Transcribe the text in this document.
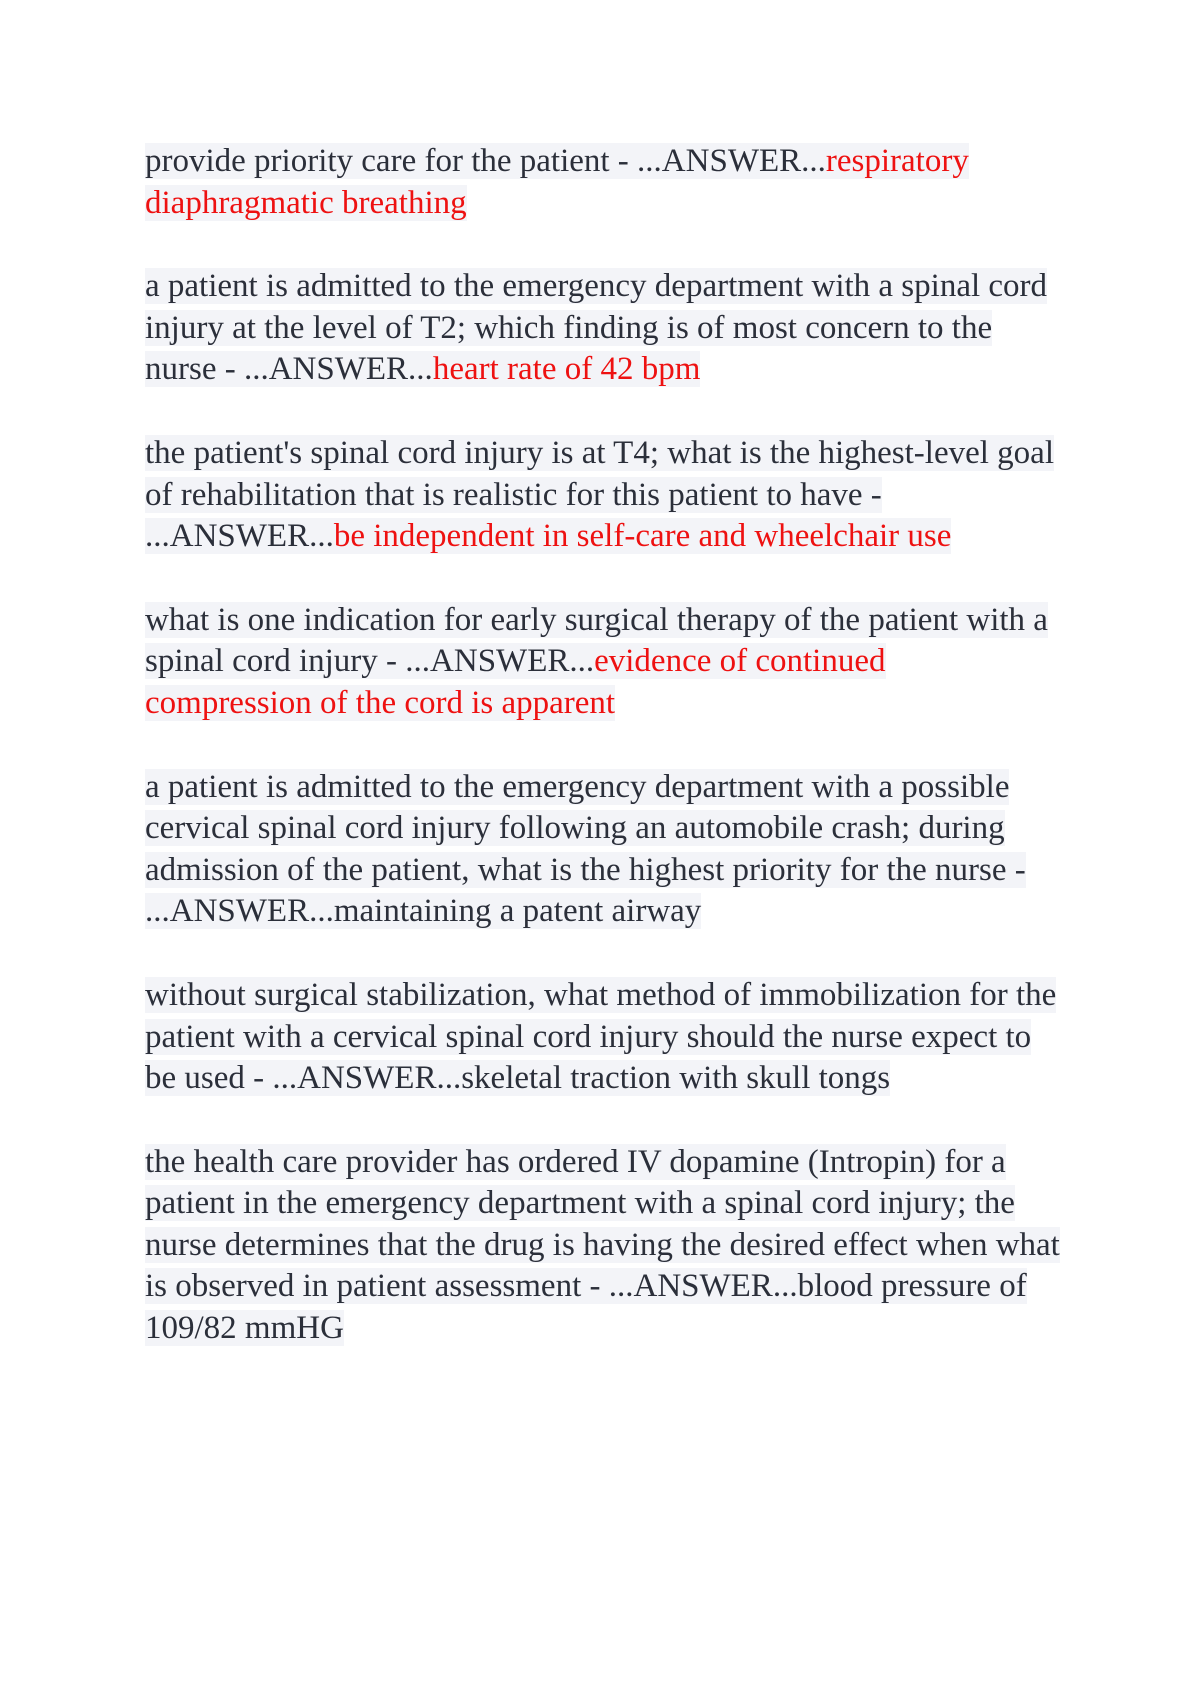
provide priority care for the patient - ...ANSWER...respiratory diaphragmatic breathing

a patient is admitted to the emergency department with a spinal cord injury at the level of T2; which finding is of most concern to the nurse - ...ANSWER...heart rate of 42 bpm

the patient's spinal cord injury is at T4; what is the highest-level goal of rehabilitation that is realistic for this patient to have - ...ANSWER...be independent in self-care and wheelchair use

what is one indication for early surgical therapy of the patient with a spinal cord injury - ...ANSWER...evidence of continued compression of the cord is apparent

a patient is admitted to the emergency department with a possible cervical spinal cord injury following an automobile crash; during admission of the patient, what is the highest priority for the nurse - ...ANSWER...maintaining a patent airway

without surgical stabilization, what method of immobilization for the patient with a cervical spinal cord injury should the nurse expect to be used - ...ANSWER...skeletal traction with skull tongs

the health care provider has ordered IV dopamine (Intropin) for a patient in the emergency department with a spinal cord injury; the nurse determines that the drug is having the desired effect when what is observed in patient assessment - ...ANSWER...blood pressure of 109/82 mmHG
